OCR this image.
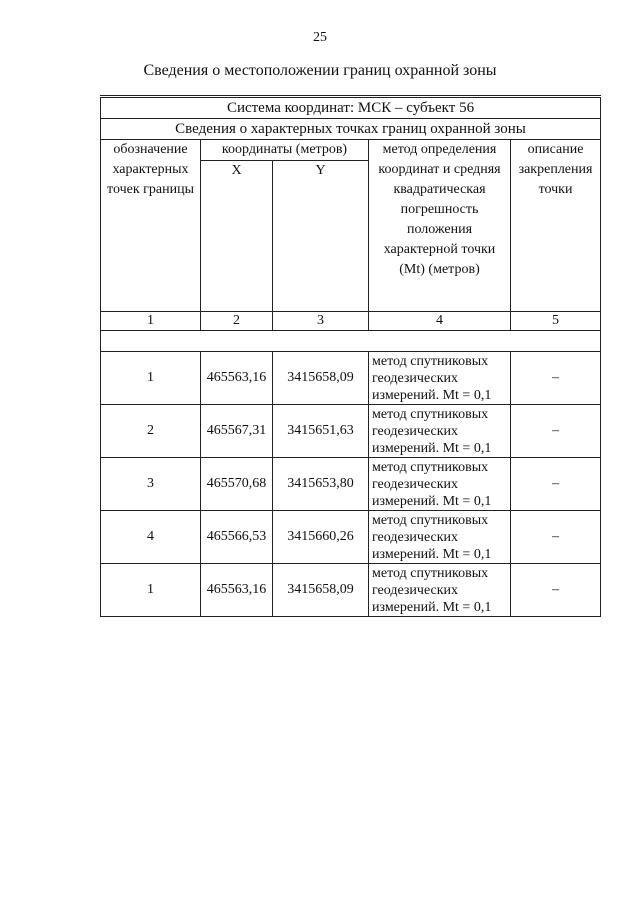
25
Сведения о местоположении границ охранной зоны
Система координат: МСК – субъект 56				
Сведения о характерных точках границ охранной зоны				
обозначение характерных точек границы	координаты (метров)		метод определения координат и средняя квадратическая погрешность положения характерной точки (Mt) (метров)	описание закрепления точки
	X	Y		
1	2	3	4	5

1	465563,16	3415658,09	метод спутниковых геодезических измерений. Mt = 0,1	–
2	465567,31	3415651,63	метод спутниковых геодезических измерений. Mt = 0,1	–
3	465570,68	3415653,80	метод спутниковых геодезических измерений. Mt = 0,1	–
4	465566,53	3415660,26	метод спутниковых геодезических измерений. Mt = 0,1	–
1	465563,16	3415658,09	метод спутниковых геодезических измерений. Mt = 0,1	–
